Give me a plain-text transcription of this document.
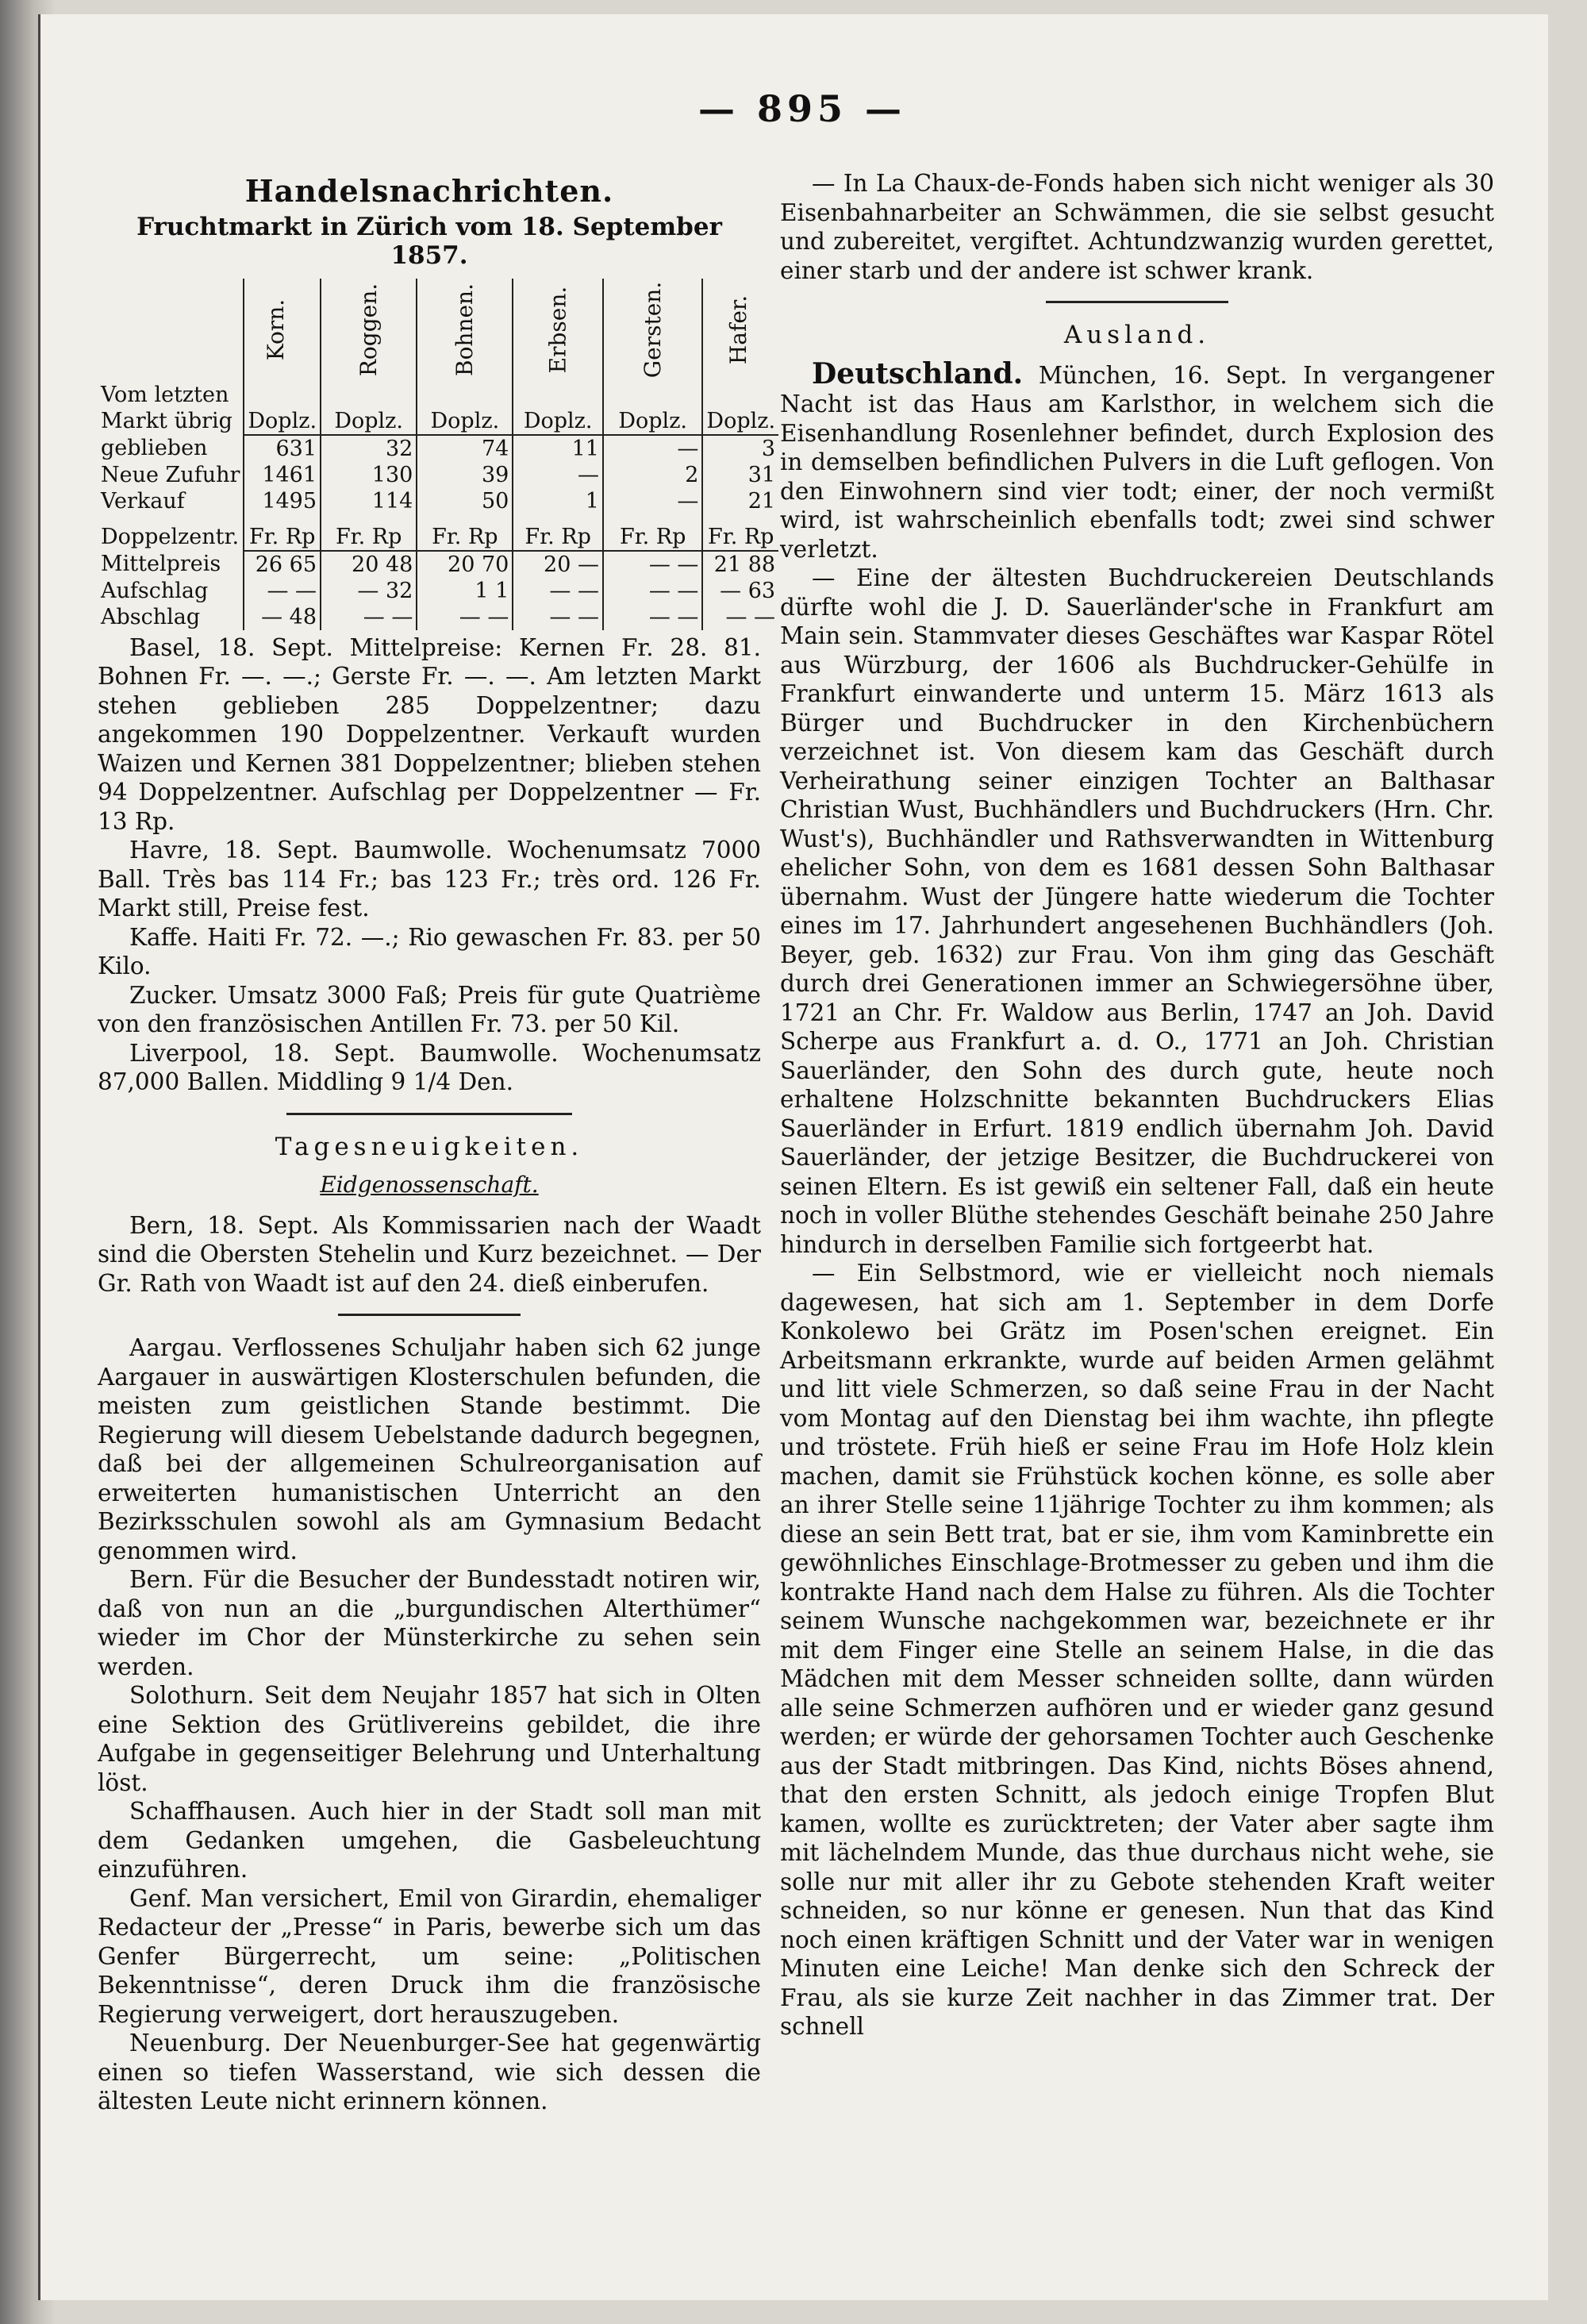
— 895 —
Handelsnachrichten.
Fruchtmarkt in Zürich vom 18. September 1857.
	Korn.	Roggen.	Bohnen.	Erbsen.	Gersten.	Hafer.
Vom letzten						
Markt übrig	Doplz.	Doplz.	Doplz.	Doplz.	Doplz.	Doplz.
geblieben	631	32	74	11	—	3
Neue Zufuhr	1461	130	39	—	2	31
Verkauf	1495	114	50	1	—	21

Doppelzentr.	Fr. Rp	Fr. Rp	Fr. Rp	Fr. Rp	Fr. Rp	Fr. Rp
Mittelpreis	26 65	20 48	20 70	20 —	— —	21 88
Aufschlag	— —	— 32	1 1	— —	— —	— 63
Abschlag	— 48	— —	— —	— —	— —	— —

Basel, 18. Sept. Mittelpreise: Kernen Fr. 28. 81. Bohnen Fr. —. —.; Gerste Fr. —. —. Am letzten Markt stehen geblieben 285 Doppelzentner; dazu angekommen 190 Doppelzentner. Verkauft wurden Waizen und Kernen 381 Doppelzentner; blieben stehen 94 Doppelzentner. Aufschlag per Doppelzentner — Fr. 13 Rp.

Havre, 18. Sept. Baumwolle. Wochenumsatz 7000 Ball. Très bas 114 Fr.; bas 123 Fr.; très ord. 126 Fr. Markt still, Preise fest.

Kaffe. Haiti Fr. 72. —.; Rio gewaschen Fr. 83. per 50 Kilo.

Zucker. Umsatz 3000 Faß; Preis für gute Quatrième von den französischen Antillen Fr. 73. per 50 Kil.

Liverpool, 18. Sept. Baumwolle. Wochenumsatz 87,000 Ballen. Middling 9 1/4 Den.

Tagesneuigkeiten.
Eidgenossenschaft.

Bern, 18. Sept. Als Kommissarien nach der Waadt sind die Obersten Stehelin und Kurz bezeichnet. — Der Gr. Rath von Waadt ist auf den 24. dieß einberufen.

Aargau. Verflossenes Schuljahr haben sich 62 junge Aargauer in auswärtigen Klosterschulen befunden, die meisten zum geistlichen Stande bestimmt. Die Regierung will diesem Uebelstande dadurch begegnen, daß bei der allgemeinen Schulreorganisation auf erweiterten humanistischen Unterricht an den Bezirksschulen sowohl als am Gymnasium Bedacht genommen wird.

Bern. Für die Besucher der Bundesstadt notiren wir, daß von nun an die „burgundischen Alterthümer“ wieder im Chor der Münsterkirche zu sehen sein werden.

Solothurn. Seit dem Neujahr 1857 hat sich in Olten eine Sektion des Grütlivereins gebildet, die ihre Aufgabe in gegenseitiger Belehrung und Unterhaltung löst.

Schaffhausen. Auch hier in der Stadt soll man mit dem Gedanken umgehen, die Gasbeleuchtung einzuführen.

Genf. Man versichert, Emil von Girardin, ehemaliger Redacteur der „Presse“ in Paris, bewerbe sich um das Genfer Bürgerrecht, um seine: „Politischen Bekenntnisse“, deren Druck ihm die französische Regierung verweigert, dort herauszugeben.

Neuenburg. Der Neuenburger-See hat gegenwärtig einen so tiefen Wasserstand, wie sich dessen die ältesten Leute nicht erinnern können.

— In La Chaux-de-Fonds haben sich nicht weniger als 30 Eisenbahnarbeiter an Schwämmen, die sie selbst gesucht und zubereitet, vergiftet. Achtundzwanzig wurden gerettet, einer starb und der andere ist schwer krank.

Ausland.

Deutschland. München, 16. Sept. In vergangener Nacht ist das Haus am Karlsthor, in welchem sich die Eisenhandlung Rosenlehner befindet, durch Explosion des in demselben befindlichen Pulvers in die Luft geflogen. Von den Einwohnern sind vier todt; einer, der noch vermißt wird, ist wahrscheinlich ebenfalls todt; zwei sind schwer verletzt.

— Eine der ältesten Buchdruckereien Deutschlands dürfte wohl die J. D. Sauerländer'sche in Frankfurt am Main sein. Stammvater dieses Geschäftes war Kaspar Rötel aus Würzburg, der 1606 als Buchdrucker-Gehülfe in Frankfurt einwanderte und unterm 15. März 1613 als Bürger und Buchdrucker in den Kirchenbüchern verzeichnet ist. Von diesem kam das Geschäft durch Verheirathung seiner einzigen Tochter an Balthasar Christian Wust, Buchhändlers und Buchdruckers (Hrn. Chr. Wust's), Buchhändler und Rathsverwandten in Wittenburg ehelicher Sohn, von dem es 1681 dessen Sohn Balthasar übernahm. Wust der Jüngere hatte wiederum die Tochter eines im 17. Jahrhundert angesehenen Buchhändlers (Joh. Beyer, geb. 1632) zur Frau. Von ihm ging das Geschäft durch drei Generationen immer an Schwiegersöhne über, 1721 an Chr. Fr. Waldow aus Berlin, 1747 an Joh. David Scherpe aus Frankfurt a. d. O., 1771 an Joh. Christian Sauerländer, den Sohn des durch gute, heute noch erhaltene Holzschnitte bekannten Buchdruckers Elias Sauerländer in Erfurt. 1819 endlich übernahm Joh. David Sauerländer, der jetzige Besitzer, die Buchdruckerei von seinen Eltern. Es ist gewiß ein seltener Fall, daß ein heute noch in voller Blüthe stehendes Geschäft beinahe 250 Jahre hindurch in derselben Familie sich fortgeerbt hat.

— Ein Selbstmord, wie er vielleicht noch niemals dagewesen, hat sich am 1. September in dem Dorfe Konkolewo bei Grätz im Posen'schen ereignet. Ein Arbeitsmann erkrankte, wurde auf beiden Armen gelähmt und litt viele Schmerzen, so daß seine Frau in der Nacht vom Montag auf den Dienstag bei ihm wachte, ihn pflegte und tröstete. Früh hieß er seine Frau im Hofe Holz klein machen, damit sie Frühstück kochen könne, es solle aber an ihrer Stelle seine 11jährige Tochter zu ihm kommen; als diese an sein Bett trat, bat er sie, ihm vom Kaminbrette ein gewöhnliches Einschlage-Brotmesser zu geben und ihm die kontrakte Hand nach dem Halse zu führen. Als die Tochter seinem Wunsche nachgekommen war, bezeichnete er ihr mit dem Finger eine Stelle an seinem Halse, in die das Mädchen mit dem Messer schneiden sollte, dann würden alle seine Schmerzen aufhören und er wieder ganz gesund werden; er würde der gehorsamen Tochter auch Geschenke aus der Stadt mitbringen. Das Kind, nichts Böses ahnend, that den ersten Schnitt, als jedoch einige Tropfen Blut kamen, wollte es zurücktreten; der Vater aber sagte ihm mit lächelndem Munde, das thue durchaus nicht wehe, sie solle nur mit aller ihr zu Gebote stehenden Kraft weiter schneiden, so nur könne er genesen. Nun that das Kind noch einen kräftigen Schnitt und der Vater war in wenigen Minuten eine Leiche! Man denke sich den Schreck der Frau, als sie kurze Zeit nachher in das Zimmer trat. Der schnell
